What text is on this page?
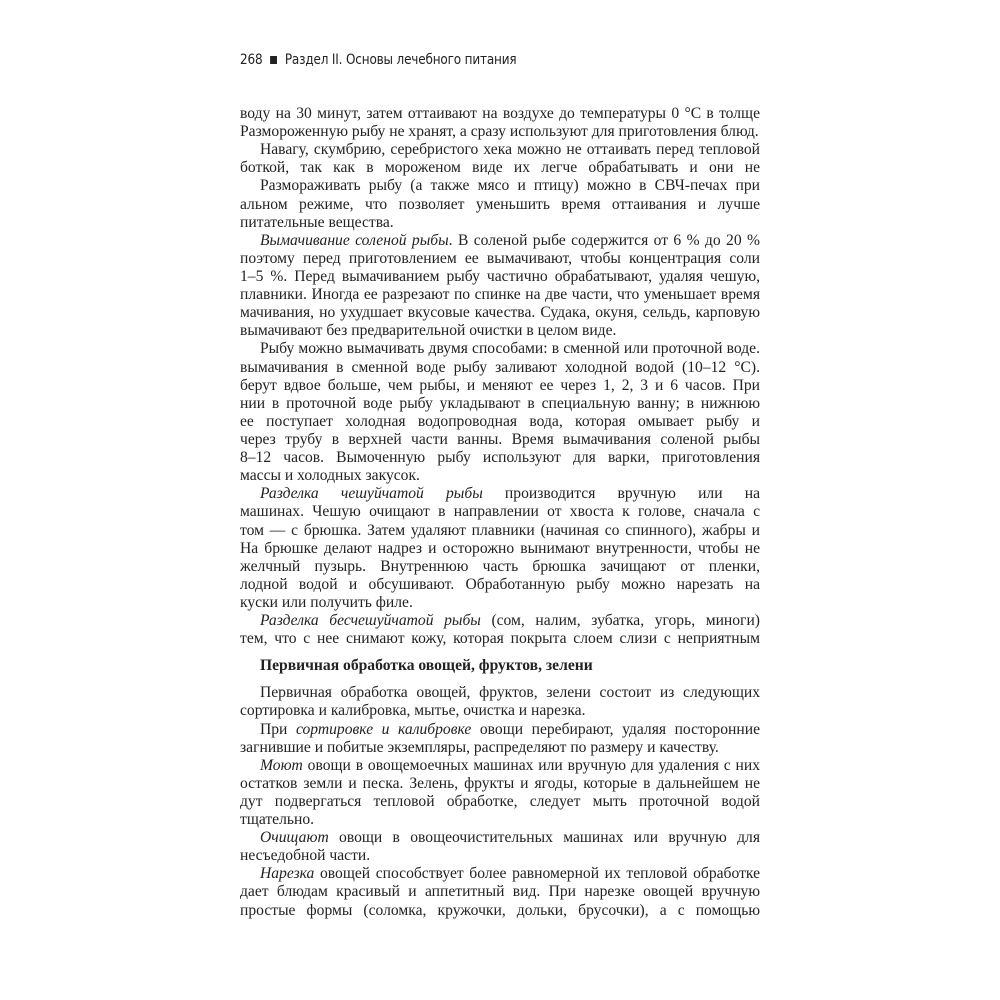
268 Раздел II. Основы лечебного питания
воду на 30 минут, затем оттаивают на воздухе до температуры 0 °С в толще
Размороженную рыбу не хранят, а сразу используют для приготовления блюд.
Навагу, скумбрию, серебристого хека можно не оттаивать перед тепловой
боткой, так как в мороженом виде их легче обрабатывать и они не
Размораживать рыбу (а также мясо и птицу) можно в СВЧ-печах при
альном режиме, что позволяет уменьшить время оттаивания и лучше
питательные вещества.
Вымачивание соленой рыбы. В соленой рыбе содержится от 6 % до 20 %
поэтому перед приготовлением ее вымачивают, чтобы концентрация соли
1–5 %. Перед вымачиванием рыбу частично обрабатывают, удаляя чешую,
плавники. Иногда ее разрезают по спинке на две части, что уменьшает время
мачивания, но ухудшает вкусовые качества. Судака, окуня, сельдь, карповую
вымачивают без предварительной очистки в целом виде.
Рыбу можно вымачивать двумя способами: в сменной или проточной воде.
вымачивания в сменной воде рыбу заливают холодной водой (10–12 °С).
берут вдвое больше, чем рыбы, и меняют ее через 1, 2, 3 и 6 часов. При
нии в проточной воде рыбу укладывают в специальную ванну; в нижнюю
ее поступает холодная водопроводная вода, которая омывает рыбу и
через трубу в верхней части ванны. Время вымачивания соленой рыбы
8–12 часов. Вымоченную рыбу используют для варки, приготовления
массы и холодных закусок.
Разделка чешуйчатой рыбы производится вручную или на
машинах. Чешую очищают в направлении от хвоста к голове, сначала с
том — с брюшка. Затем удаляют плавники (начиная со спинного), жабры и
На брюшке делают надрез и осторожно вынимают внутренности, чтобы не
желчный пузырь. Внутреннюю часть брюшка зачищают от пленки,
лодной водой и обсушивают. Обработанную рыбу можно нарезать на
куски или получить филе.
Разделка бесчешуйчатой рыбы (сом, налим, зубатка, угорь, миноги)
тем, что с нее снимают кожу, которая покрыта слоем слизи с неприятным
Первичная обработка овощей, фруктов, зелени
Первичная обработка овощей, фруктов, зелени состоит из следующих
сортировка и калибровка, мытье, очистка и нарезка.
При сортировке и калибровке овощи перебирают, удаляя посторонние
загнившие и побитые экземпляры, распределяют по размеру и качеству.
Моют овощи в овощемоечных машинах или вручную для удаления с них
остатков земли и песка. Зелень, фрукты и ягоды, которые в дальнейшем не
дут подвергаться тепловой обработке, следует мыть проточной водой
тщательно.
Очищают овощи в овощеочистительных машинах или вручную для
несъедобной части.
Нарезка овощей способствует более равномерной их тепловой обработке
дает блюдам красивый и аппетитный вид. При нарезке овощей вручную
простые формы (соломка, кружочки, дольки, брусочки), а с помощью
